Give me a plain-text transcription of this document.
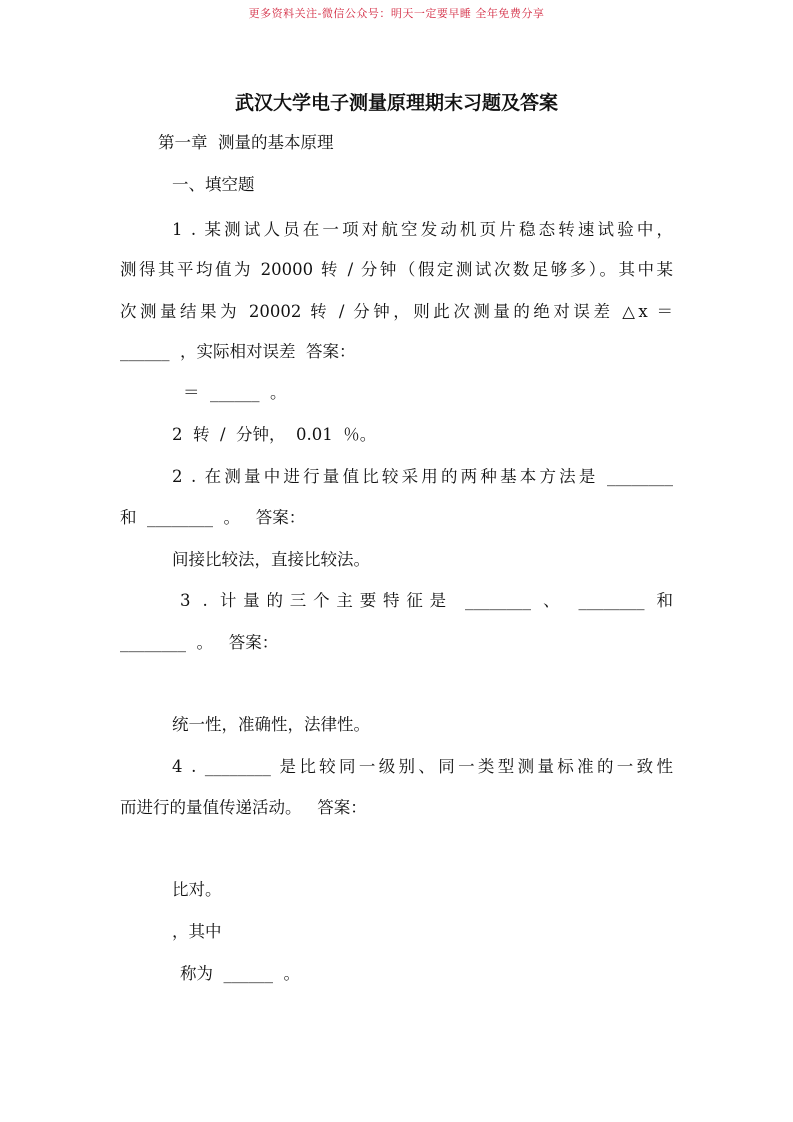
更多资料关注-微信公众号：明天一定要早睡 全年免费分享
武汉大学电子测量原理期末习题及答案
第一章  测量的基本原理
一、填空题
1 . 某测试人员在一项对航空发动机页片稳态转速试验中，
测得其平均值为 20000 转 / 分钟（假定测试次数足够多）。其中某
次测量结果为 20002 转 / 分钟，则此次测量的绝对误差 △x ＝
______  ，实际相对误差  答案：
＝  ______  。
2  转  /  分钟，  0.01  ％。
2 . 在测量中进行量值比较采用的两种基本方法是 ________
和  ________  。   答案：
间接比较法，直接比较法。
3 . 计量的三个主要特征是 ________ 、 ________ 和
________  。   答案：
统一性，准确性，法律性。
4 . ________ 是比较同一级别、同一类型测量标准的一致性
而进行的量值传递活动。   答案：
比对。
，其中
称为  ______  。
